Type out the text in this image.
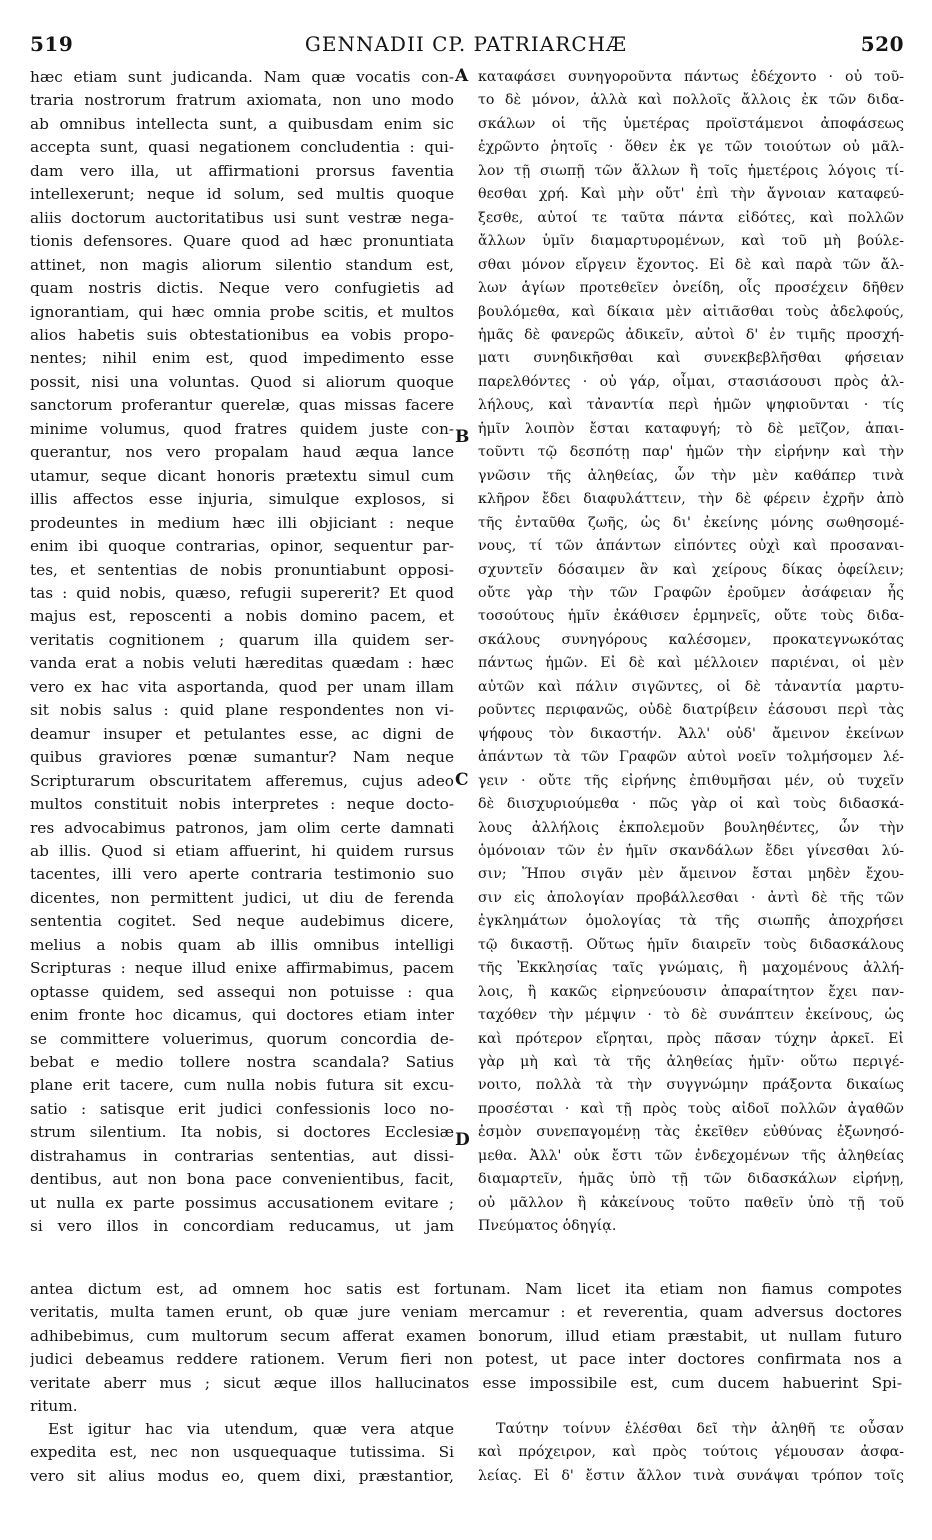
519	GENNADII CP. PATRIARCHÆ	520
A
B
C
D
hæc etiam sunt judicanda. Nam quæ vocatis con-
traria nostrorum fratrum axiomata, non uno modo
ab omnibus intellecta sunt, a quibusdam enim sic
accepta sunt, quasi negationem concludentia : qui-
dam vero illa, ut affirmationi prorsus faventia
intellexerunt; neque id solum, sed multis quoque
aliis doctorum auctoritatibus usi sunt vestræ nega-
tionis defensores. Quare quod ad hæc pronuntiata
attinet, non magis aliorum silentio standum est,
quam nostris dictis. Neque vero confugietis ad
ignorantiam, qui hæc omnia probe scitis, et multos
alios habetis suis obtestationibus ea vobis propo-
nentes; nihil enim est, quod impedimento esse
possit, nisi una voluntas. Quod si aliorum quoque
sanctorum proferantur querelæ, quas missas facere
minime volumus, quod fratres quidem juste con-
querantur, nos vero propalam haud æqua lance
utamur, seque dicant honoris prætextu simul cum
illis affectos esse injuria, simulque explosos, si
prodeuntes in medium hæc illi objiciant : neque
enim ibi quoque contrarias, opinor, sequentur par-
tes, et sententias de nobis pronuntiabunt opposi-
tas : quid nobis, quæso, refugii supererit? Et quod
majus est, reposcenti a nobis domino pacem, et
veritatis cognitionem ; quarum illa quidem ser-
vanda erat a nobis veluti hæreditas quædam : hæc
vero ex hac vita asportanda, quod per unam illam
sit nobis salus : quid plane respondentes non vi-
deamur insuper et petulantes esse, ac digni de
quibus graviores pœnæ sumantur? Nam neque
Scripturarum obscuritatem afferemus, cujus adeo
multos constituit nobis interpretes : neque docto-
res advocabimus patronos, jam olim certe damnati
ab illis. Quod si etiam affuerint, hi quidem rursus
tacentes, illi vero aperte contraria testimonio suo
dicentes, non permittent judici, ut diu de ferenda
sententia cogitet. Sed neque audebimus dicere,
melius a nobis quam ab illis omnibus intelligi
Scripturas : neque illud enixe affirmabimus, pacem
optasse quidem, sed assequi non potuisse : qua
enim fronte hoc dicamus, qui doctores etiam inter
se committere voluerimus, quorum concordia de-
bebat e medio tollere nostra scandala? Satius
plane erit tacere, cum nulla nobis futura sit excu-
satio : satisque erit judici confessionis loco no-
strum silentium. Ita nobis, si doctores Ecclesiæ
distrahamus in contrarias sententias, aut dissi-
dentibus, aut non bona pace convenientibus, facit,
ut nulla ex parte possimus accusationem evitare ;
si vero illos in concordiam reducamus, ut jam
καταφάσει συνηγοροῦντα πάντως ἐδέχοντο · οὐ τοῦ-
το δὲ μόνον, ἀλλὰ καὶ πολλοῖς ἄλλοις ἐκ τῶν διδα-
σκάλων οἱ τῆς ὑμετέρας προϊστάμενοι ἀποφάσεως
ἐχρῶντο ῥητοῖς · ὅθεν ἐκ γε τῶν τοιούτων οὐ μᾶλ-
λον τῇ σιωπῇ τῶν ἄλλων ἢ τοῖς ἡμετέροις λόγοις τί-
θεσθαι χρή. Καὶ μὴν οὔτ' ἐπὶ τὴν ἄγνοιαν καταφεύ-
ξεσθε, αὐτοί τε ταῦτα πάντα εἰδότες, καὶ πολλῶν
ἄλλων ὑμῖν διαμαρτυρομένων, καὶ τοῦ μὴ βούλε-
σθαι μόνον εἴργειν ἔχοντος. Εἰ δὲ καὶ παρὰ τῶν ἄλ-
λων ἁγίων προτεθεῖεν ὀνείδη, οἷς προσέχειν δῆθεν
βουλόμεθα, καὶ δίκαια μὲν αἰτιᾶσθαι τοὺς ἀδελφούς,
ἡμᾶς δὲ φανερῶς ἀδικεῖν, αὐτοὶ δ' ἐν τιμῆς προσχή-
ματι συνηδικῆσθαι καὶ συνεκβεβλῆσθαι φήσειαν
παρελθόντες · οὐ γάρ, οἶμαι, στασιάσουσι πρὸς ἀλ-
λήλους, καὶ τἀναντία περὶ ἡμῶν ψηφιοῦνται · τίς
ἡμῖν λοιπὸν ἔσται καταφυγή; τὸ δὲ μεῖζον, ἀπαι-
τοῦντι τῷ δεσπότῃ παρ' ἡμῶν τὴν εἰρήνην καὶ τὴν
γνῶσιν τῆς ἀληθείας, ὧν τὴν μὲν καθάπερ τινὰ
κλῆρον ἔδει διαφυλάττειν, τὴν δὲ φέρειν ἐχρῆν ἀπὸ
τῆς ἐνταῦθα ζωῆς, ὡς δι' ἐκείνης μόνης σωθησομέ-
νους, τί τῶν ἁπάντων εἰπόντες οὐχὶ καὶ προσαναι-
σχυντεῖν δόσαιμεν ἂν καὶ χείρους δίκας ὀφείλειν;
οὔτε γὰρ τὴν τῶν Γραφῶν ἐροῦμεν ἀσάφειαν ἧς
τοσούτους ἡμῖν ἐκάθισεν ἑρμηνεῖς, οὔτε τοὺς διδα-
σκάλους συνηγόρους καλέσομεν, προκατεγνωκότας
πάντως ἡμῶν. Εἰ δὲ καὶ μέλλοιεν παριέναι, οἱ μὲν
αὐτῶν καὶ πάλιν σιγῶντες, οἱ δὲ τἀναντία μαρτυ-
ροῦντες περιφανῶς, οὐδὲ διατρίβειν ἐάσουσι περὶ τὰς
ψήφους τὸν δικαστήν. Ἀλλ' οὐδ' ἄμεινον ἐκείνων
ἁπάντων τὰ τῶν Γραφῶν αὐτοὶ νοεῖν τολμήσομεν λέ-
γειν · οὔτε τῆς εἰρήνης ἐπιθυμῆσαι μέν, οὐ τυχεῖν
δὲ διισχυριούμεθα · πῶς γὰρ οἱ καὶ τοὺς διδασκά-
λους ἀλλήλοις ἐκπολεμοῦν βουληθέντες, ὧν τὴν
ὁμόνοιαν τῶν ἐν ἡμῖν σκανδάλων ἔδει γίνεσθαι λύ-
σιν; Ἥπου σιγᾶν μὲν ἄμεινον ἔσται μηδὲν ἔχου-
σιν εἰς ἀπολογίαν προβάλλεσθαι · ἀντὶ δὲ τῆς τῶν
ἐγκλημάτων ὁμολογίας τὰ τῆς σιωπῆς ἀποχρήσει
τῷ δικαστῇ. Οὕτως ἡμῖν διαιρεῖν τοὺς διδασκάλους
τῆς Ἐκκλησίας ταῖς γνώμαις, ἢ μαχομένους ἀλλή-
λοις, ἢ κακῶς εἰρηνεύουσιν ἀπαραίτητον ἔχει παν-
ταχόθεν τὴν μέμψιν · τὸ δὲ συνάπτειν ἐκείνους, ὡς
καὶ πρότερον εἴρηται, πρὸς πᾶσαν τύχην ἀρκεῖ. Εἰ
γὰρ μὴ καὶ τὰ τῆς ἀληθείας ἡμῖν· οὕτω περιγέ-
νοιτο, πολλὰ τὰ τὴν συγγνώμην πράξοντα δικαίως
προσέσται · καὶ τῇ πρὸς τοὺς αἰδοῖ πολλῶν ἀγαθῶν
ἐσμὸν συνεπαγομένῃ τὰς ἐκεῖθεν εὐθύνας ἐξωνησό-
μεθα. Ἀλλ' οὐκ ἔστι τῶν ἐνδεχομένων τῆς ἀληθείας
διαμαρτεῖν, ἡμᾶς ὑπὸ τῇ τῶν διδασκάλων εἰρήνῃ,
οὐ μᾶλλον ἢ κἀκείνους τοῦτο παθεῖν ὑπὸ τῇ τοῦ
Πνεύματος ὁδηγίᾳ.
antea dictum est, ad omnem hoc satis est fortunam. Nam licet ita etiam non fiamus compotes
veritatis, multa tamen erunt, ob quæ jure veniam mercamur : et reverentia, quam adversus doctores
adhibebimus, cum multorum secum afferat examen bonorum, illud etiam præstabit, ut nullam futuro
judici debeamus reddere rationem. Verum fieri non potest, ut pace inter doctores confirmata nos a
veritate aberr mus ; sicut æque illos hallucinatos esse impossibile est, cum ducem habuerint Spi-
ritum.
Est igitur hac via utendum, quæ vera atque
expedita est, nec non usquequaque tutissima. Si
vero sit alius modus eo, quem dixi, præstantior,
Ταύτην τοίνυν ἑλέσθαι δεῖ τὴν ἀληθῆ τε οὖσαν
καὶ πρόχειρον, καὶ πρὸς τούτοις γέμουσαν ἀσφα-
λείας. Εἰ δ' ἔστιν ἄλλον τινὰ συνάψαι τρόπον τοῖς
